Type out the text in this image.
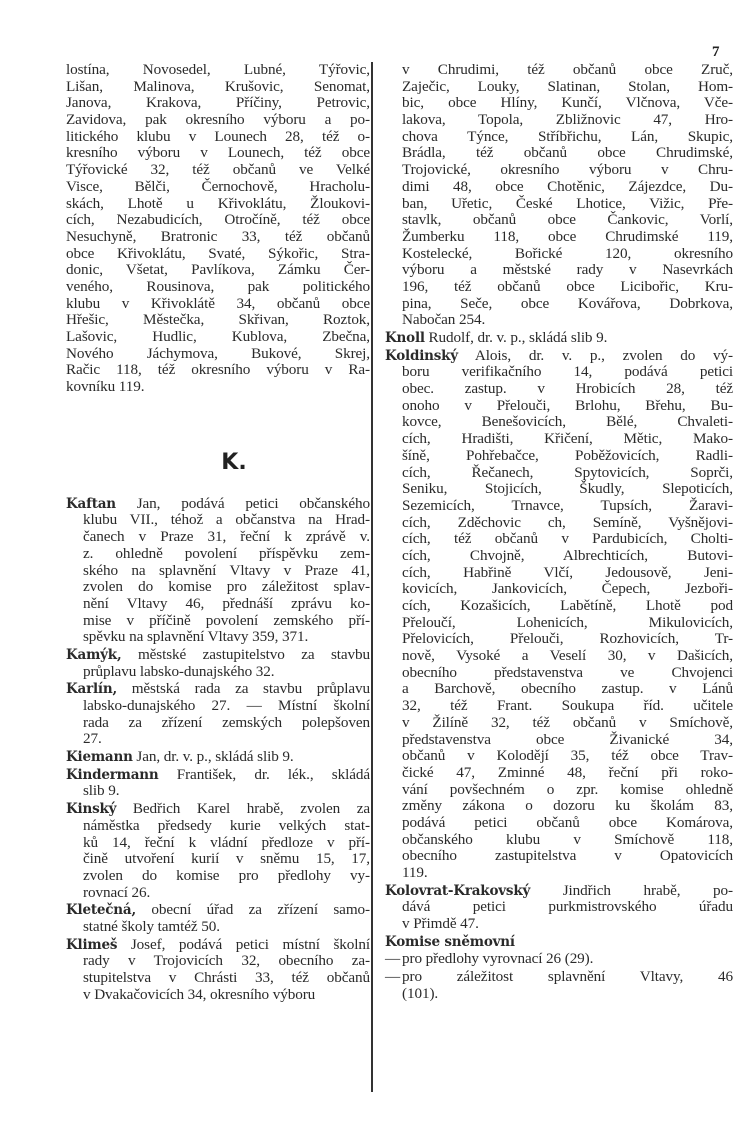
7
lostína, Novosedel, Lubné, Týřovic,
Lišan, Malinova, Krušovic, Senomat,
Janova, Krakova, Příčiny, Petrovic,
Zavidova, pak okresního výboru a po-
litického klubu v Lounech 28, též o-
kresního výboru v Lounech, též obce
Týřovické 32, též občanů ve Velké
Visce, Bělči, Černochově, Hracholu-
skách, Lhotě u Křivoklátu, Žloukovi-
cích, Nezabudicích, Otročíně, též obce
Nesuchyně, Bratronic 33, též občanů
obce Křivoklátu, Svaté, Sýkořic, Stra-
donic, Všetat, Pavlíkova, Zámku Čer-
veného, Rousinova, pak politického
klubu v Křivoklátě 34, občanů obce
Hřešic, Městečka, Skřivan, Roztok,
Lašovic, Hudlic, Kublova, Zbečna,
Nového Jáchymova, Bukové, Skrej,
Račic 118, též okresního výboru v Ra-
kovníku 119.
K.
Kaftan Jan, podává petici občanského
klubu VII., téhož a občanstva na Hrad-
čanech v Praze 31, řeční k zprávě v.
z. ohledně povolení příspěvku zem-
ského na splavnění Vltavy v Praze 41,
zvolen do komise pro záležitost splav-
nění Vltavy 46, přednáší zprávu ko-
mise v příčině povolení zemského pří-
spěvku na splavnění Vltavy 359, 371.
Kamýk, městské zastupitelstvo za stavbu
průplavu labsko-dunajského 32.
Karlín, městská rada za stavbu průplavu
labsko-dunajského 27. — Místní školní
rada za zřízení zemských polepšoven
27.
Kiemann Jan, dr. v. p., skládá slib 9.
Kindermann František, dr. lék., skládá
slib 9.
Kinský Bedřich Karel hrabě, zvolen za
náměstka předsedy kurie velkých stat-
ků 14, řeční k vládní předloze v pří-
čině utvoření kurií v sněmu 15, 17,
zvolen do komise pro předlohy vy-
rovnací 26.
Kletečná, obecní úřad za zřízení samo-
statné školy tamtéž 50.
Klimeš Josef, podává petici místní školní
rady v Trojovicích 32, obecního za-
stupitelstva v Chrásti 33, též občanů
v Dvakačovicích 34, okresního výboru
v Chrudimi, též občanů obce Zruč,
Zaječic, Louky, Slatinan, Stolan, Hom-
bic, obce Hlíny, Kunčí, Vlčnova, Vče-
lakova, Topola, Zbližnovic 47, Hro-
chova Týnce, Stříbřichu, Lán, Skupic,
Brádla, též občanů obce Chrudimské,
Trojovické, okresního výboru v Chru-
dimi 48, obce Chotěnic, Zájezdce, Du-
ban, Uřetic, České Lhotice, Vižic, Pře-
stavlk, občanů obce Čankovic, Vorlí,
Žumberku 118, obce Chrudimské 119,
Kostelecké, Bořické 120, okresního
výboru a městské rady v Nasevrkách
196, též občanů obce Licibořic, Kru-
pina, Seče, obce Kovářova, Dobrkova,
Nabočan 254.
Knoll Rudolf, dr. v. p., skládá slib 9.
Koldinský Alois, dr. v. p., zvolen do vý-
boru verifikačního 14, podává petici
obec. zastup. v Hrobicích 28, též
onoho v Přelouči, Brlohu, Břehu, Bu-
kovce, Benešovicích, Bělé, Chvaleti-
cích, Hradišti, Křičení, Mětic, Mako-
šíně, Pohřebačce, Poběžovicích, Radli-
cích, Řečanech, Spytovicích, Soprči,
Seniku, Stojicích, Škudly, Slepoticích,
Sezemicích, Trnavce, Tupsích, Žaravi-
cích, Zděchovic ch, Semíně, Vyšnějovi-
cích, též občanů v Pardubicích, Cholti-
cích, Chvojně, Albrechticích, Butovi-
cích, Habřině Vlčí, Jedousově, Jeni-
kovicích, Jankovicích, Čepech, Jezboři-
cích, Kozašicích, Labětíně, Lhotě pod
Přeloučí, Lohenicích, Mikulovicích,
Přelovicích, Přelouči, Rozhovicích, Tr-
nově, Vysoké a Veselí 30, v Dašicích,
obecního představenstva ve Chvojenci
a Barchově, obecního zastup. v Lánů
32, též Frant. Soukupa říd. učitele
v Žilíně 32, též občanů v Smíchově,
představenstva obce Živanické 34,
občanů v Kolodějí 35, též obce Trav-
čické 47, Zminné 48, řeční při roko-
vání povšechném o zpr. komise ohledně
změny zákona o dozoru ku školám 83,
podává petici občanů obce Komárova,
občanského klubu v Smíchově 118,
obecního zastupitelstva v Opatovicích
119.
Kolovrat-Krakovský Jindřich hrabě, po-
dává petici purkmistrovského úřadu
v Přimdě 47.
Komise sněmovní
— pro předlohy vyrovnací 26 (29).
— pro záležitost splavnění Vltavy, 46
(101).
